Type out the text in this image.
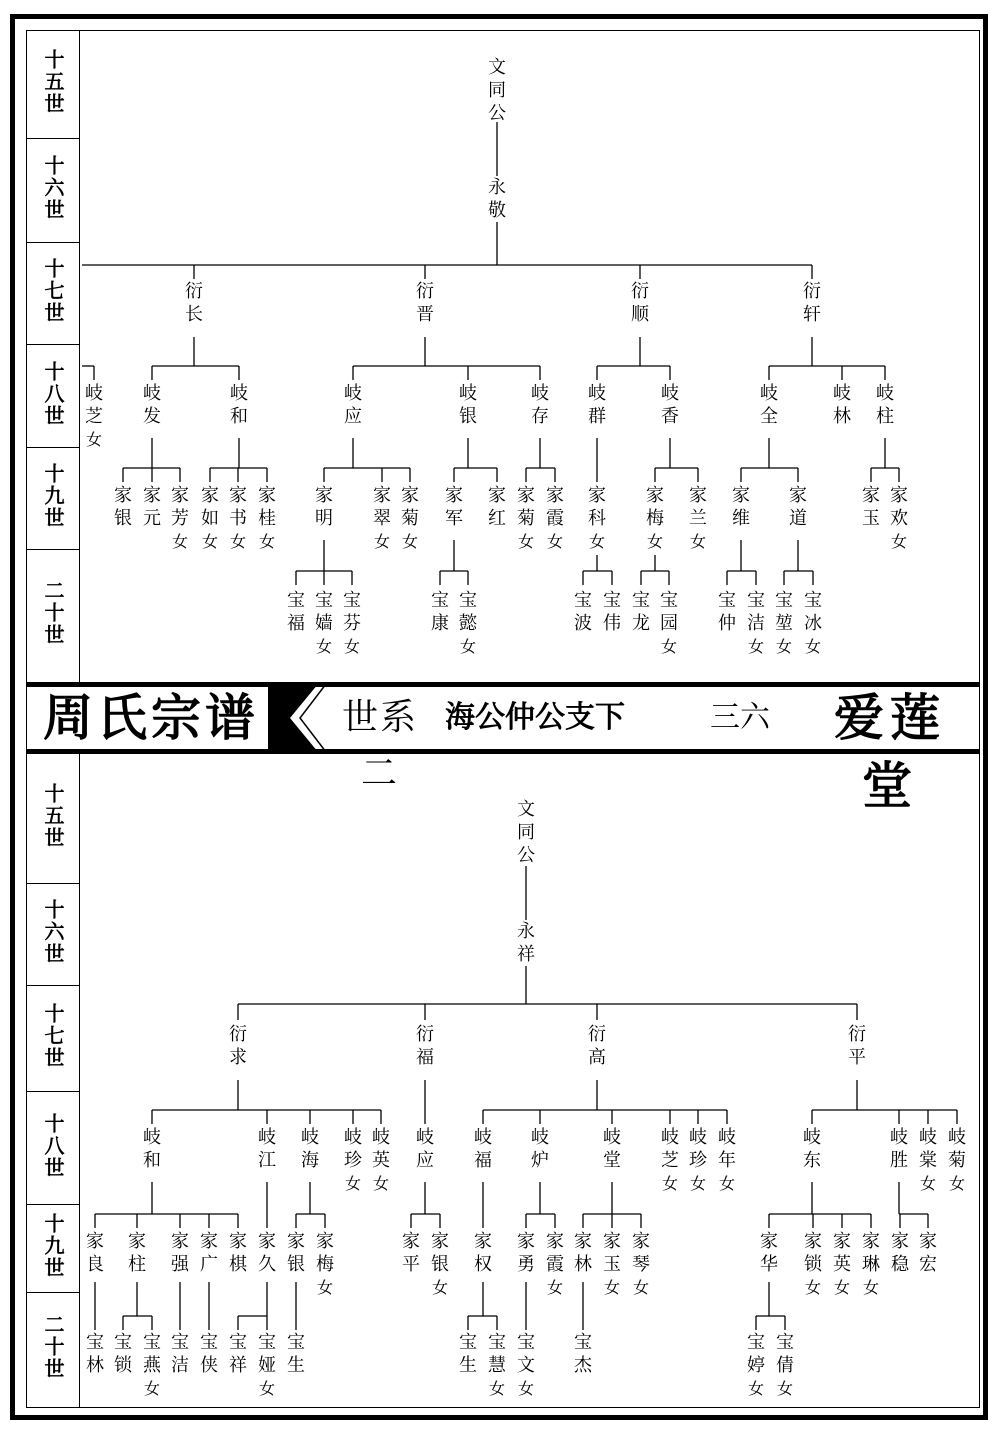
十五世
十六世
十七世
十八世
十九世
二十世
十五世
十六世
十七世
十八世
十九世
二十世
周氏宗谱 世系二
海公仲公支下	三六	爱莲堂
文同公
永敬
衍长
衍晋
衍顺
衍轩
岐芝女
岐发
岐和
岐应
岐银
岐存
岐群
岐香
岐全
岐林
岐柱
家银
家元
家芳女
家如女
家书女
家桂女
家明
家翠女
家菊女
家军
家红
家菊女
家霞女
家科女
家梅女
家兰女
家维
家道
家玉
家欢女
宝福
宝嫱女
宝芬女
宝康
宝懿女
宝波
宝伟
宝龙
宝园女
宝仲
宝洁女
宝堃女
宝冰女
文同公
永祥
衍求
衍福
衍高
衍平
岐和
岐江
岐海
岐珍女
岐英女
岐应
岐福
岐炉
岐堂
岐芝女
岐珍女
岐年女
岐东
岐胜
岐棠女
岐菊女
家良
家柱
家强
家广
家棋
家久
家银
家梅女
家平
家银女
家权
家勇
家霞女
家林
家玉女
家琴女
家华
家锁女
家英女
家琳女
家稳
家宏
宝林
宝锁
宝燕女
宝洁
宝侠
宝祥
宝娅女
宝生
宝生
宝慧女
宝文女
宝杰
宝婷女
宝倩女
